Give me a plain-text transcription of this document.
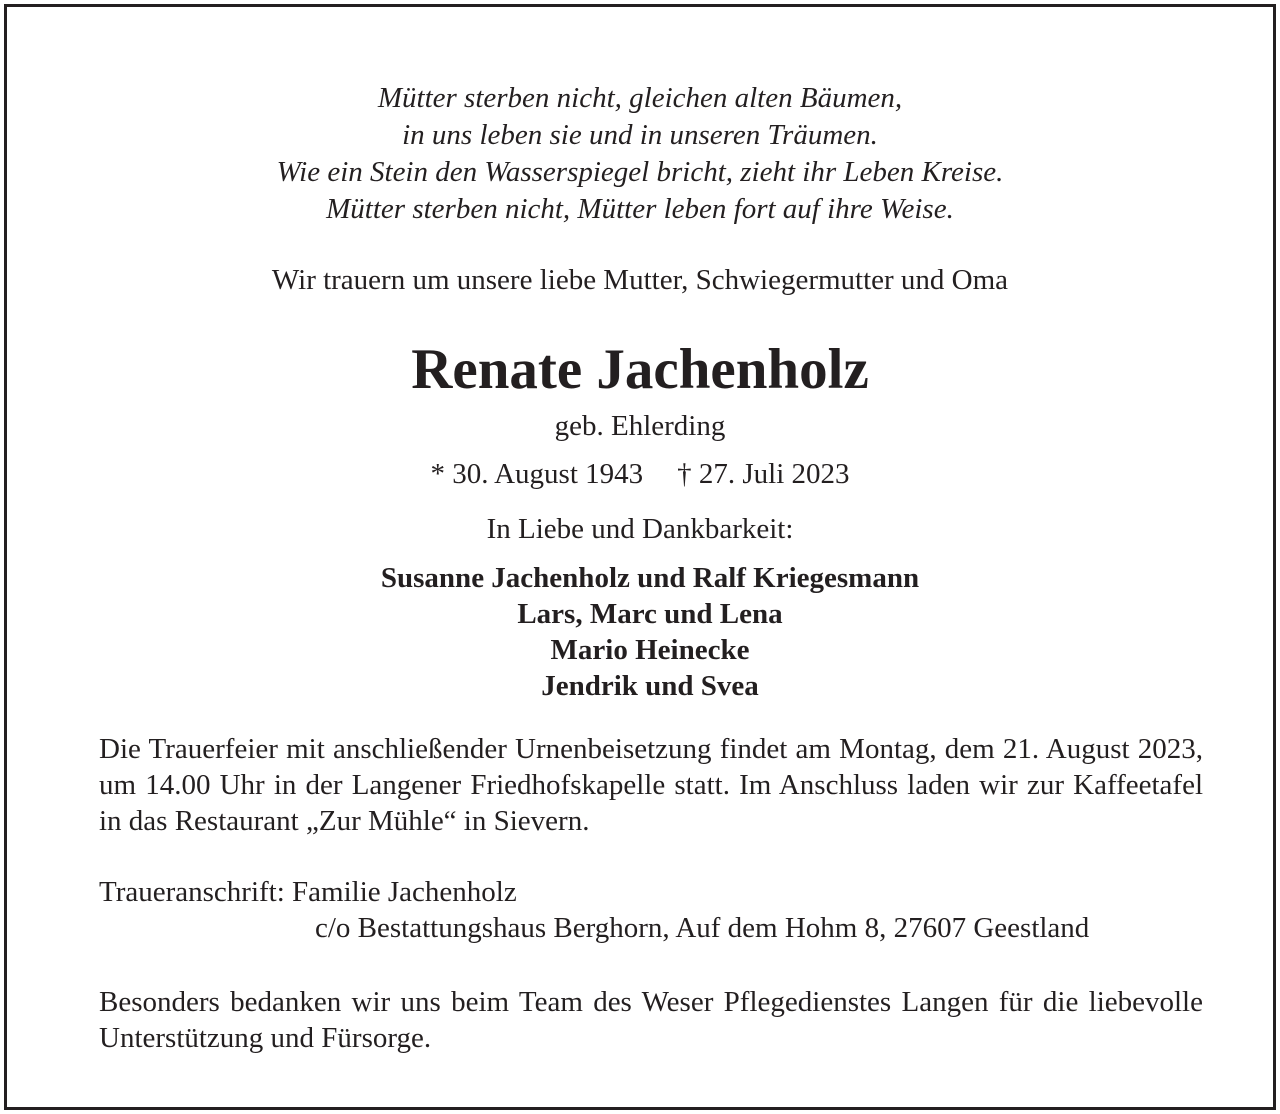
Mütter sterben nicht, gleichen alten Bäumen,
in uns leben sie und in unseren Träumen.
Wie ein Stein den Wasserspiegel bricht, zieht ihr Leben Kreise.
Mütter sterben nicht, Mütter leben fort auf ihre Weise.
Wir trauern um unsere liebe Mutter, Schwiegermutter und Oma
Renate Jachenholz
geb. Ehlerding
* 30. August 1943 † 27. Juli 2023
In Liebe und Dankbarkeit:
Susanne Jachenholz und Ralf Kriegesmann
Lars, Marc und Lena
Mario Heinecke
Jendrik und Svea
Die Trauerfeier mit anschließender Urnenbeisetzung findet am Montag, dem 21. August 2023, um 14.00 Uhr in der Langener Friedhofskapelle statt. Im Anschluss laden wir zur Kaffeetafel in das Restaurant „Zur Mühle“ in Sievern.
Traueranschrift: Familie Jachenholz
c/o Bestattungshaus Berghorn, Auf dem Hohm 8, 27607 Geestland
Besonders bedanken wir uns beim Team des Weser Pflegedienstes Langen für die liebevolle Unterstützung und Fürsorge.
